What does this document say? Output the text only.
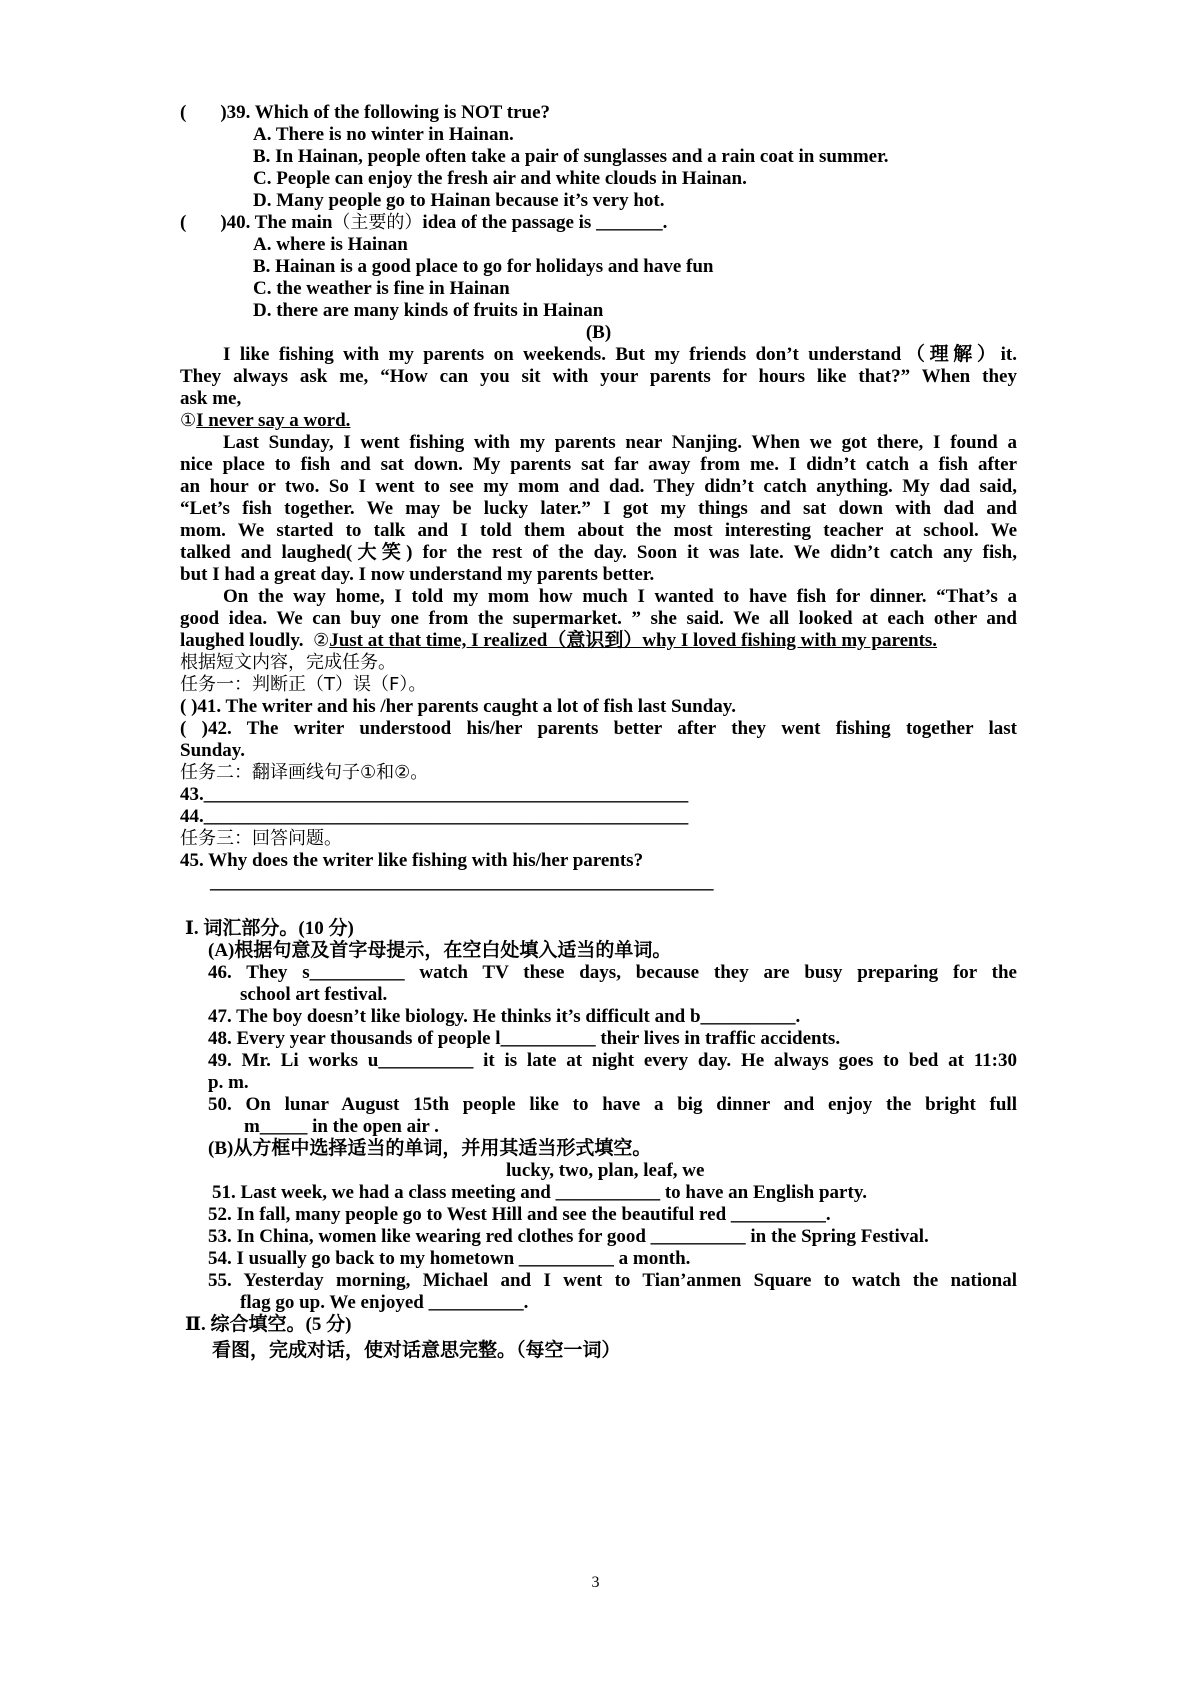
( )39. Which of the following is NOT true?
A. There is no winter in Hainan.
B. In Hainan, people often take a pair of sunglasses and a rain coat in summer.
C. People can enjoy the fresh air and white clouds in Hainan.
D. Many people go to Hainan because it’s very hot.
( )40. The main（主要的）idea of the passage is _______.
A. where is Hainan
B. Hainan is a good place to go for holidays and have fun
C. the weather is fine in Hainan
D. there are many kinds of fruits in Hainan
(B)
I like fishing with my parents on weekends. But my friends don’t understand（理解）it.
They always ask me, “How can you sit with your parents for hours like that?” When they
ask me,
①I never say a word.
Last Sunday, I went fishing with my parents near Nanjing. When we got there, I found a
nice place to fish and sat down. My parents sat far away from me. I didn’t catch a fish after
an hour or two. So I went to see my mom and dad. They didn’t catch anything. My dad said,
“Let’s fish together. We may be lucky later.” I got my things and sat down with dad and
mom. We started to talk and I told them about the most interesting teacher at school. We
talked and laughed(大笑) for the rest of the day. Soon it was late. We didn’t catch any fish,
but I had a great day. I now understand my parents better.
On the way home, I told my mom how much I wanted to have fish for dinner. “That’s a
good idea. We can buy one from the supermarket. ” she said. We all looked at each other and
laughed loudly. ②Just at that time, I realized（意识到）why I loved fishing with my parents.
根据短文内容，完成任务。
任务一：判断正（T）误（F）。
( )41. The writer and his /her parents caught a lot of fish last Sunday.
( )42. The writer understood his/her parents better after they went fishing together last
Sunday.
任务二：翻译画线句子①和②。
43.___________________________________________________
44.___________________________________________________
任务三：回答问题。
45. Why does the writer like fishing with his/her parents?
_____________________________________________________
Ⅰ. 词汇部分。(10 分)
(A)根据句意及首字母提示，在空白处填入适当的单词。
46. They s__________ watch TV these days, because they are busy preparing for the
school art festival.
47. The boy doesn’t like biology. He thinks it’s difficult and b__________.
48. Every year thousands of people l__________ their lives in traffic accidents.
49. Mr. Li works u__________ it is late at night every day. He always goes to bed at 11:30
p. m.
50. On lunar August 15th people like to have a big dinner and enjoy the bright full
m_____ in the open air .
(B)从方框中选择适当的单词，并用其适当形式填空。
lucky, two, plan, leaf, we
51. Last week, we had a class meeting and ___________ to have an English party.
52. In fall, many people go to West Hill and see the beautiful red __________.
53. In China, women like wearing red clothes for good __________ in the Spring Festival.
54. I usually go back to my hometown __________ a month.
55. Yesterday morning, Michael and I went to Tian’anmen Square to watch the national
flag go up. We enjoyed __________.
Ⅱ. 综合填空。(5 分)
看图，完成对话，使对话意思完整。（每空一词）
3
